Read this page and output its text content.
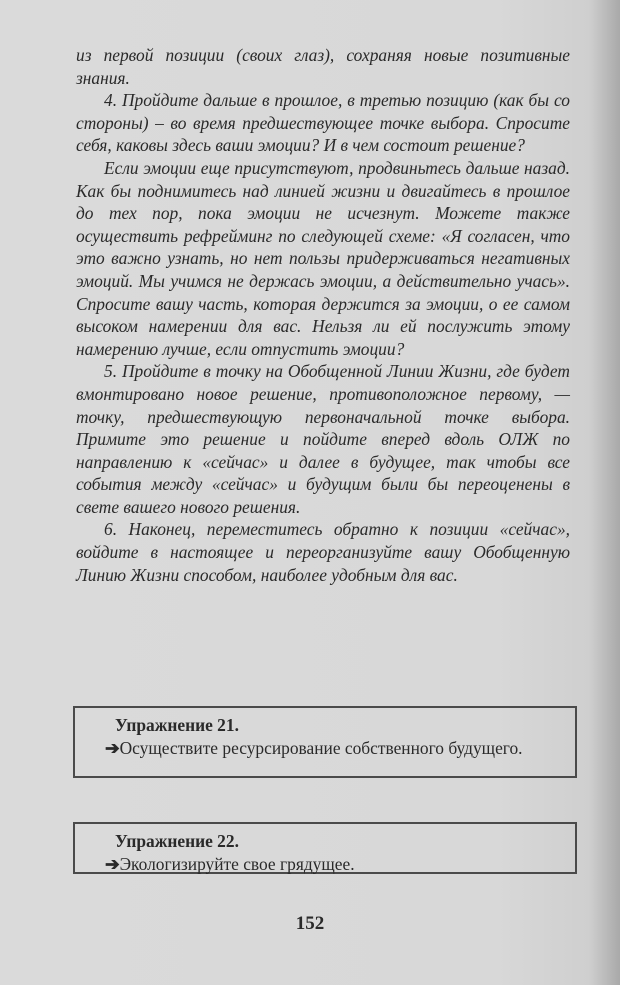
из первой позиции (своих глаз), сохраняя новые позитивные знания.

4. Пройдите дальше в прошлое, в третью позицию (как бы со стороны) – во время предшествующее точке выбора. Спросите себя, каковы здесь ваши эмоции? И в чем состоит решение?

Если эмоции еще присутствуют, продвиньтесь дальше назад. Как бы поднимитесь над линией жизни и двигайтесь в прошлое до тех пор, пока эмоции не исчезнут. Можете также осуществить рефрейминг по следующей схеме: «Я согласен, что это важно узнать, но нет пользы придерживаться негативных эмоций. Мы учимся не держась эмоции, а действительно учась». Спросите вашу часть, которая держится за эмоции, о ее самом высоком намерении для вас. Нельзя ли ей послужить этому намерению лучше, если отпустить эмоции?

5. Пройдите в точку на Обобщенной Линии Жизни, где будет вмонтировано новое решение, противоположное первому, — точку, предшествующую первоначальной точке выбора. Примите это решение и пойдите вперед вдоль ОЛЖ по направлению к «сейчас» и далее в будущее, так чтобы все события между «сейчас» и будущим были бы переоценены в свете вашего нового решения.

6. Наконец, переместитесь обратно к позиции «сейчас», войдите в настоящее и переорганизуйте вашу Обобщенную Линию Жизни способом, наиболее удобным для вас.

Упражнение 21.
➔Осуществите ресурсирование собственного будущего.
Упражнение 22.
➔Экологизируйте свое грядущее.
152
